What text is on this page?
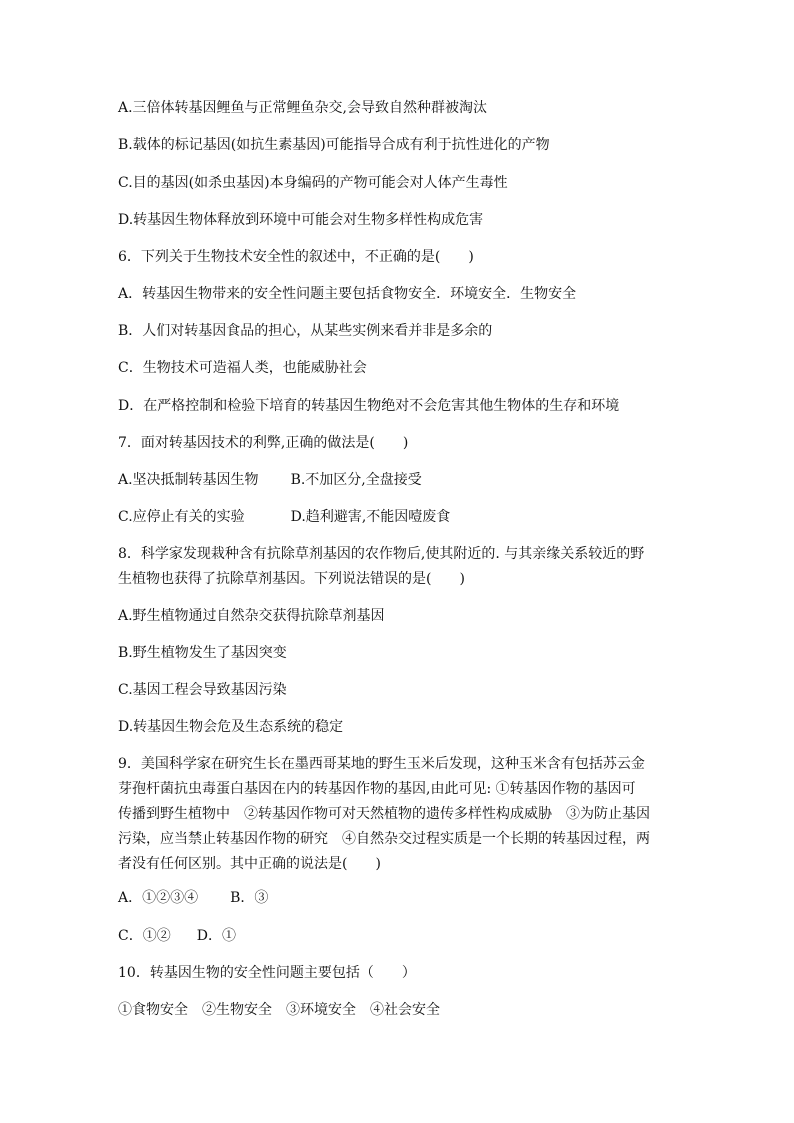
A.三倍体转基因鲤鱼与正常鲤鱼杂交,会导致自然种群被淘汰
B.载体的标记基因(如抗生素基因)可能指导合成有利于抗性进化的产物
C.目的基因(如杀虫基因)本身编码的产物可能会对人体产生毒性
D.转基因生物体释放到环境中可能会对生物多样性构成危害
6．下列关于生物技术安全性的叙述中，不正确的是(　　)
A．转基因生物带来的安全性问题主要包括食物安全．环境安全．生物安全
B．人们对转基因食品的担心，从某些实例来看并非是多余的
C．生物技术可造福人类，也能威胁社会
D．在严格控制和检验下培育的转基因生物绝对不会危害其他生物体的生存和环境
7．面对转基因技术的利弊,正确的做法是(　　)
A.坚决抵制转基因生物 B.不加区分,全盘接受
C.应停止有关的实验	D.趋利避害,不能因噎废食
8．科学家发现栽种含有抗除草剂基因的农作物后,使其附近的. 与其亲缘关系较近的野
生植物也获得了抗除草剂基因。下列说法错误的是(　　)
A.野生植物通过自然杂交获得抗除草剂基因
B.野生植物发生了基因突变
C.基因工程会导致基因污染
D.转基因生物会危及生态系统的稳定
9．美国科学家在研究生长在墨西哥某地的野生玉米后发现，这种玉米含有包括苏云金
芽孢杆菌抗虫毒蛋白基因在内的转基因作物的基因,由此可见: ①转基因作物的基因可
传播到野生植物中　②转基因作物可对天然植物的遗传多样性构成威胁　③为防止基因
污染，应当禁止转基因作物的研究　④自然杂交过程实质是一个长期的转基因过程，两
者没有任何区别。其中正确的说法是(　　)
A．①②③④ B．③
C．①② D．①
10．转基因生物的安全性问题主要包括（　　）
①食物安全　②生物安全　③环境安全　④社会安全
